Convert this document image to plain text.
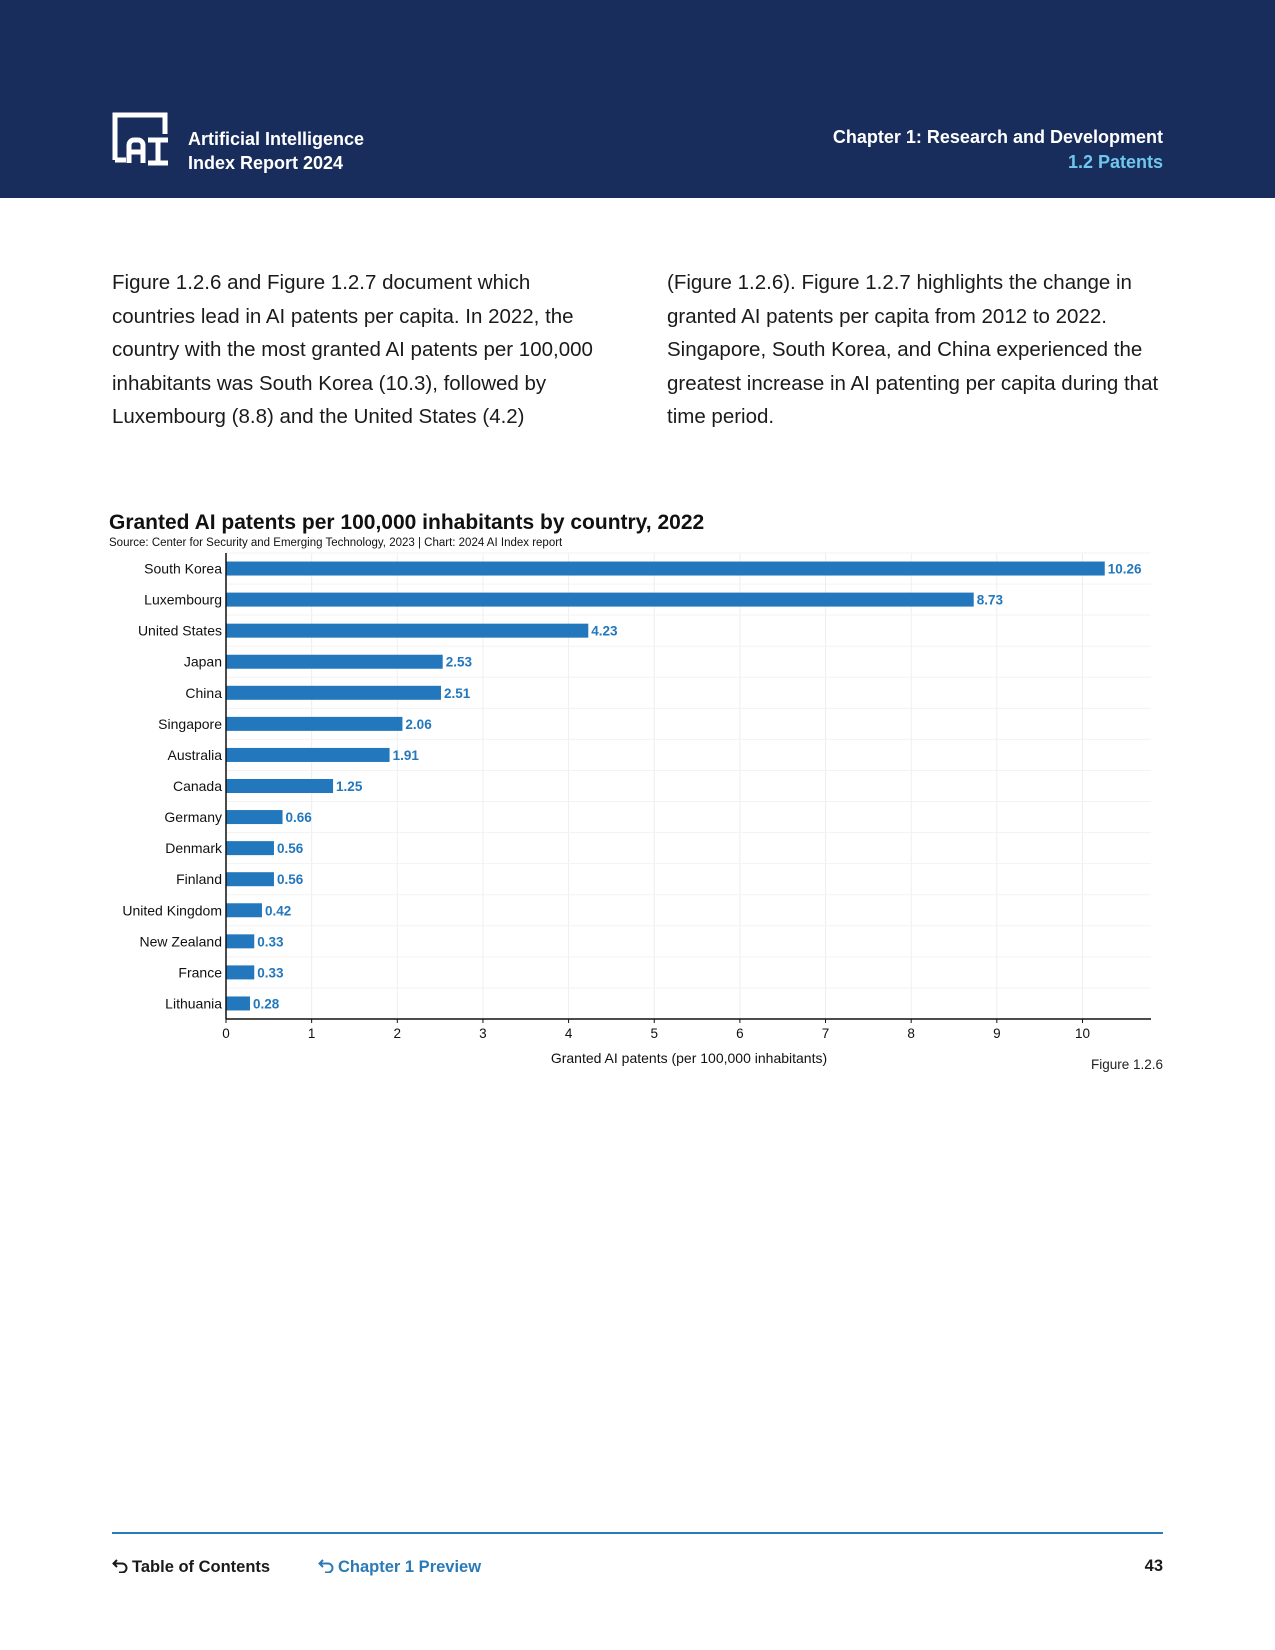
Artificial Intelligence
Index Report 2024
Chapter 1: Research and Development
1.2 Patents
Figure 1.2.6 and Figure 1.2.7 document which countries lead in AI patents per capita. In 2022, the country with the most granted AI patents per 100,000 inhabitants was South Korea (10.3), followed by Luxembourg (8.8) and the United States (4.2)
(Figure 1.2.6). Figure 1.2.7 highlights the change in granted AI patents per capita from 2012 to 2022. Singapore, South Korea, and China experienced the greatest increase in AI patenting per capita during that time period.
Granted AI patents per 100,000 inhabitants by country, 2022
Source: Center for Security and Emerging Technology, 2023 | Chart: 2024 AI Index report
South Korea	10.26
Luxembourg	8.73
United States	4.23
Japan	2.53
China	2.51
Singapore	2.06
Australia	1.91
Canada	1.25
Germany	0.66
Denmark	0.56
Finland	0.56
United Kingdom	0.42
New Zealand	0.33
France	0.33
Lithuania 0.28
0	1	2	3	4	5	6	7	8	9	10
Granted AI patents (per 100,000 inhabitants)	Figure 1.2.6
Table of Contents	Chapter 1 Preview	43
